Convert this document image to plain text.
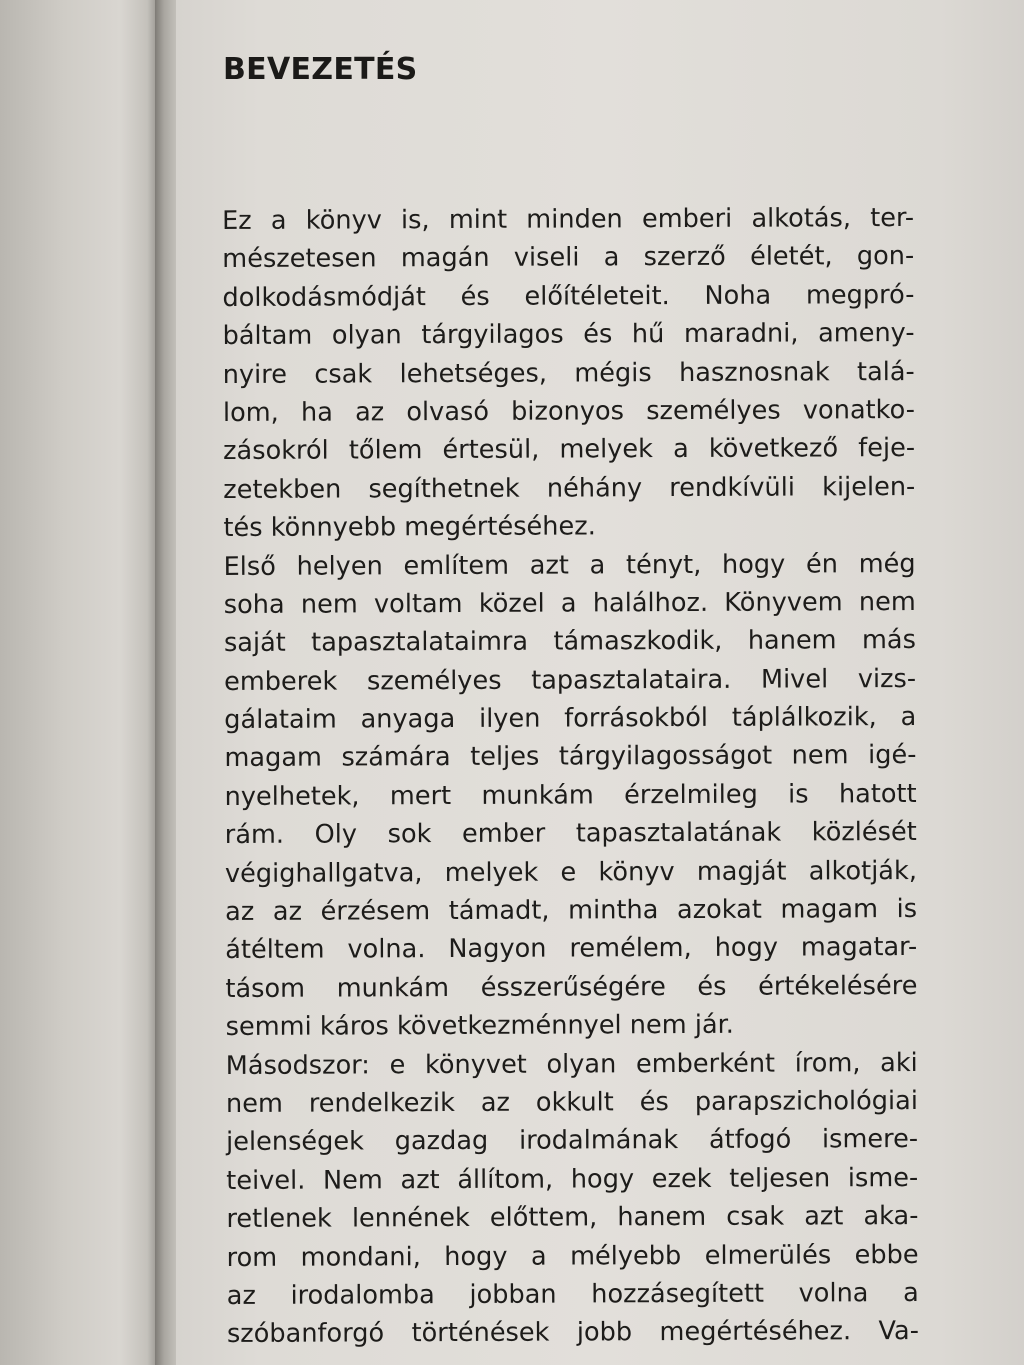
BEVEZETÉS
Ez a könyv is, mint minden emberi alkotás, ter-
mészetesen magán viseli a szerző életét, gon-
dolkodásmódját és előítéleteit. Noha megpró-
báltam olyan tárgyilagos és hű maradni, ameny-
nyire csak lehetséges, mégis hasznosnak talá-
lom, ha az olvasó bizonyos személyes vonatko-
zásokról tőlem értesül, melyek a következő feje-
zetekben segíthetnek néhány rendkívüli kijelen-
tés könnyebb megértéséhez.
Első helyen említem azt a tényt, hogy én még
soha nem voltam közel a halálhoz. Könyvem nem
saját tapasztalataimra támaszkodik, hanem más
emberek személyes tapasztalataira. Mivel vizs-
gálataim anyaga ilyen forrásokból táplálkozik, a
magam számára teljes tárgyilagosságot nem igé-
nyelhetek, mert munkám érzelmileg is hatott
rám. Oly sok ember tapasztalatának közlését
végighallgatva, melyek e könyv magját alkotják,
az az érzésem támadt, mintha azokat magam is
átéltem volna. Nagyon remélem, hogy magatar-
tásom munkám ésszerűségére és értékelésére
semmi káros következménnyel nem jár.
Másodszor: e könyvet olyan emberként írom, aki
nem rendelkezik az okkult és parapszichológiai
jelenségek gazdag irodalmának átfogó ismere-
teivel. Nem azt állítom, hogy ezek teljesen isme-
retlenek lennének előttem, hanem csak azt aka-
rom mondani, hogy a mélyebb elmerülés ebbe
az irodalomba jobban hozzásegített volna a
szóbanforgó történések jobb megértéséhez. Va-
